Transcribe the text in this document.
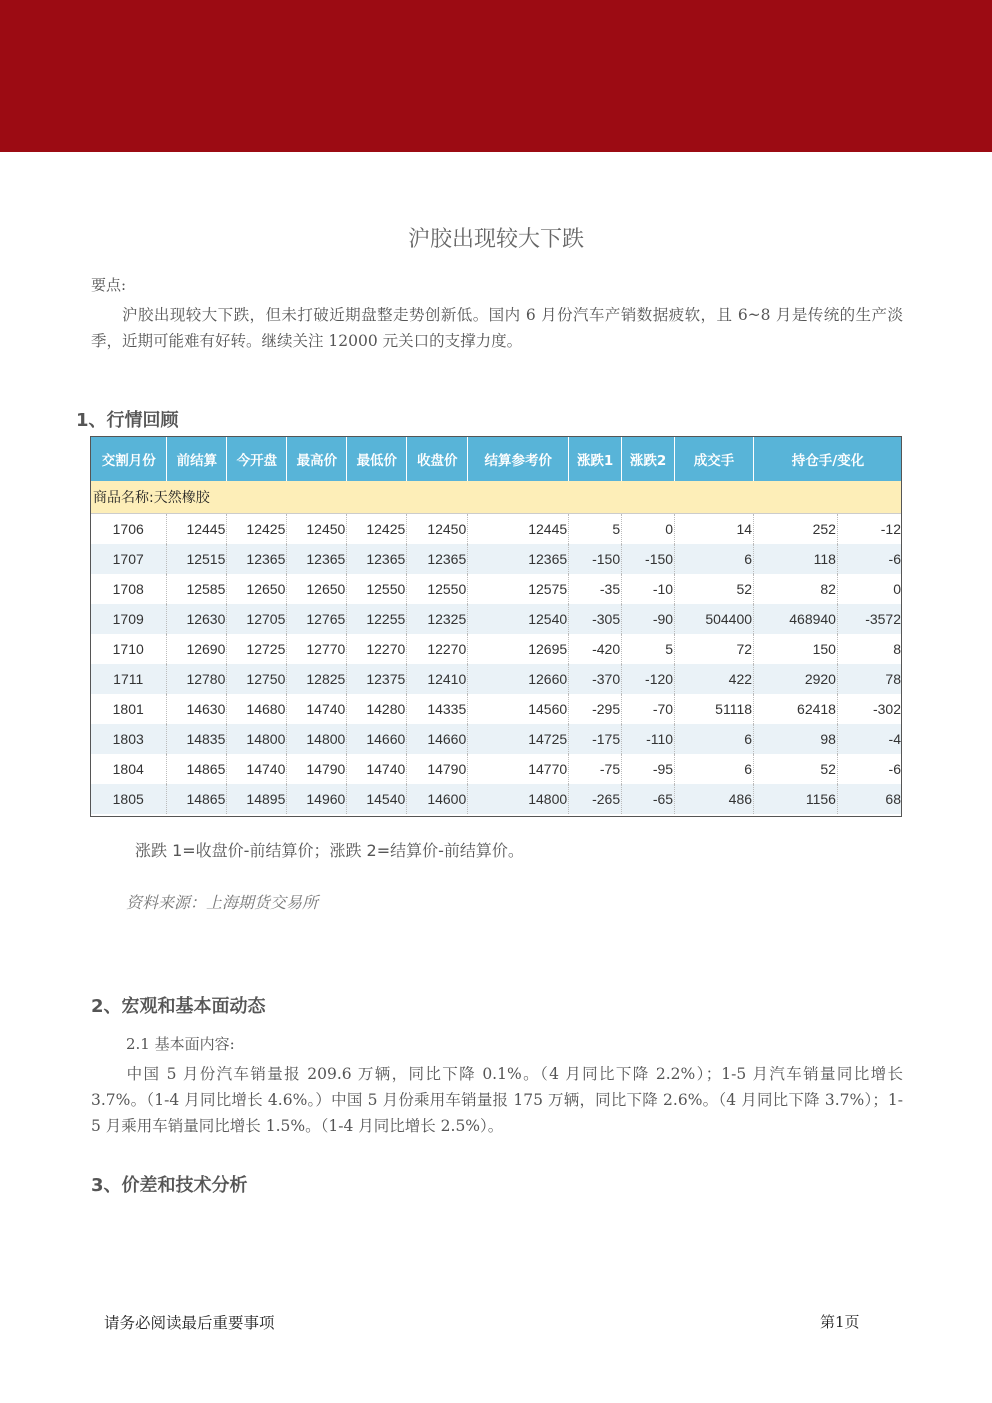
沪胶出现较大下跌
要点:
沪胶出现较大下跌，但未打破近期盘整走势创新低。国内 6 月份汽车产销数据疲软，且 6~8 月是传统的生产淡季，近期可能难有好转。继续关注 12000 元关口的支撑力度。
1、行情回顾
交割月份	前结算	今开盘	最高价	最低价	收盘价	结算参考价	涨跌1	涨跌2	成交手	持仓手/变化	
商品名称:天然橡胶											
1706	12445	12425	12450	12425	12450	12445	5	0	14	252	-12
1707	12515	12365	12365	12365	12365	12365	-150	-150	6	118	-6
1708	12585	12650	12650	12550	12550	12575	-35	-10	52	82	0
1709	12630	12705	12765	12255	12325	12540	-305	-90	504400	468940	-3572
1710	12690	12725	12770	12270	12270	12695	-420	5	72	150	8
1711	12780	12750	12825	12375	12410	12660	-370	-120	422	2920	78
1801	14630	14680	14740	14280	14335	14560	-295	-70	51118	62418	-302
1803	14835	14800	14800	14660	14660	14725	-175	-110	6	98	-4
1804	14865	14740	14790	14740	14790	14770	-75	-95	6	52	-6
1805	14865	14895	14960	14540	14600	14800	-265	-65	486	1156	68
涨跌 1=收盘价-前结算价；涨跌 2=结算价-前结算价。
资料来源：上海期货交易所
2、宏观和基本面动态
2.1 基本面内容:
中国 5 月份汽车销量报 209.6 万辆，同比下降 0.1%。（4 月同比下降 2.2%）；1-5 月汽车销量同比增长 3.7%。（1-4 月同比增长 4.6%。）中国 5 月份乘用车销量报 175 万辆，同比下降 2.6%。（4 月同比下降 3.7%）；1-5 月乘用车销量同比增长 1.5%。（1-4 月同比增长 2.5%）。
3、价差和技术分析
请务必阅读最后重要事项	第1页
